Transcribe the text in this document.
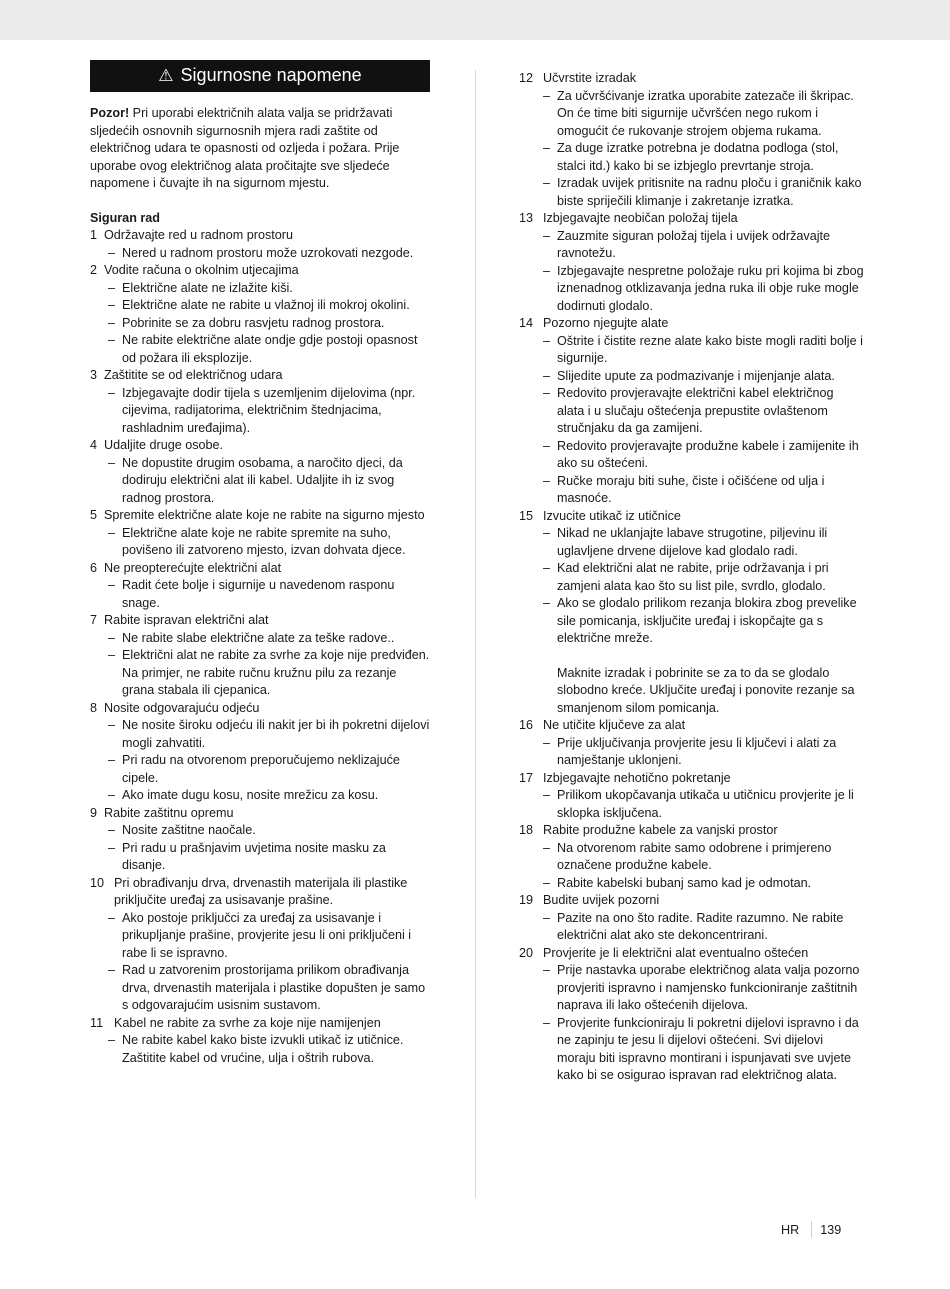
⚠ Sigurnosne napomene

Pozor! Pri uporabi električnih alata valja se pridržavati sljedećih osnovnih sigurnosnih mjera radi zaštite od električnog udara te opasnosti od ozljeda i požara. Prije uporabe ovog električnog alata pročitajte sve sljedeće napomene i čuvajte ih na sigurnom mjestu.

Siguran rad
1 Održavajte red u radnom prostoru
– Nered u radnom prostoru može uzrokovati nezgode.
2 Vodite računa o okolnim utjecajima
– Električne alate ne izlažite kiši.
– Električne alate ne rabite u vlažnoj ili mokroj okolini.
– Pobrinite se za dobru rasvjetu radnog prostora.
– Ne rabite električne alate ondje gdje postoji opasnost od požara ili eksplozije.
3 Zaštitite se od električnog udara
– Izbjegavajte dodir tijela s uzemljenim dijelovima (npr. cijevima, radijatorima, električnim štednjacima, rashladnim uređajima).
4 Udaljite druge osobe.
– Ne dopustite drugim osobama, a naročito djeci, da dodiruju električni alat ili kabel. Udaljite ih iz svog radnog prostora.
5 Spremite električne alate koje ne rabite na sigurno mjesto
– Električne alate koje ne rabite spremite na suho, povišeno ili zatvoreno mjesto, izvan dohvata djece.
6 Ne preopterećujte električni alat
– Radit ćete bolje i sigurnije u navedenom rasponu snage.
7 Rabite ispravan električni alat
– Ne rabite slabe električne alate za teške radove..
– Električni alat ne rabite za svrhe za koje nije predviđen. Na primjer, ne rabite ručnu kružnu pilu za rezanje grana stabala ili cjepanica.
8 Nosite odgovarajuću odjeću
– Ne nosite široku odjeću ili nakit jer bi ih pokretni dijelovi mogli zahvatiti.
– Pri radu na otvorenom preporučujemo neklizajuće cipele.
– Ako imate dugu kosu, nosite mrežicu za kosu.
9 Rabite zaštitnu opremu
– Nosite zaštitne naočale.
– Pri radu u prašnjavim uvjetima nosite masku za disanje.
10 Pri obrađivanju drva, drvenastih materijala ili plastike priključite uređaj za usisavanje prašine.
– Ako postoje priključci za uređaj za usisavanje i prikupljanje prašine, provjerite jesu li oni priključeni i rabe li se ispravno.
– Rad u zatvorenim prostorijama prilikom obrađivanja drva, drvenastih materijala i plastike dopušten je samo s odgovarajućim usisnim sustavom.
11 Kabel ne rabite za svrhe za koje nije namijenjen
– Ne rabite kabel kako biste izvukli utikač iz utičnice. Zaštitite kabel od vrućine, ulja i oštrih rubova.
12 Učvrstite izradak
– Za učvršćivanje izratka uporabite zatezače ili škripac. On će time biti sigurnije učvršćen nego rukom i omogućit će rukovanje strojem objema rukama.
– Za duge izratke potrebna je dodatna podloga (stol, stalci itd.) kako bi se izbjeglo prevrtanje stroja.
– Izradak uvijek pritisnite na radnu ploču i graničnik kako biste spriječili klimanje i zakretanje izratka.
13 Izbjegavajte neobičan položaj tijela
– Zauzmite siguran položaj tijela i uvijek održavajte ravnotežu.
– Izbjegavajte nespretne položaje ruku pri kojima bi zbog iznenadnog otklizavanja jedna ruka ili obje ruke mogle dodirnuti glodalo.
14 Pozorno njegujte alate
– Oštrite i čistite rezne alate kako biste mogli raditi bolje i sigurnije.
– Slijedite upute za podmazivanje i mijenjanje alata.
– Redovito provjeravajte električni kabel električnog alata i u slučaju oštećenja prepustite ovlaštenom stručnjaku da ga zamijeni.
– Redovito provjeravajte produžne kabele i zamijenite ih ako su oštećeni.
– Ručke moraju biti suhe, čiste i očišćene od ulja i masnoće.
15 Izvucite utikač iz utičnice
– Nikad ne uklanjajte labave strugotine, piljevinu ili uglavljene drvene dijelove kad glodalo radi.
– Kad električni alat ne rabite, prije održavanja i pri zamjeni alata kao što su list pile, svrdlo, glodalo.
– Ako se glodalo prilikom rezanja blokira zbog prevelike sile pomicanja, isključite uređaj i iskopčajte ga s električne mreže.
Maknite izradak i pobrinite se za to da se glodalo slobodno kreće. Uključite uređaj i ponovite rezanje sa smanjenom silom pomicanja.
16 Ne utičite ključeve za alat
– Prije uključivanja provjerite jesu li ključevi i alati za namještanje uklonjeni.
17 Izbjegavajte nehotično pokretanje
– Prilikom ukopčavanja utikača u utičnicu provjerite je li sklopka isključena.
18 Rabite produžne kabele za vanjski prostor
– Na otvorenom rabite samo odobrene i primjereno označene produžne kabele.
– Rabite kabelski bubanj samo kad je odmotan.
19 Budite uvijek pozorni
– Pazite na ono što radite. Radite razumno. Ne rabite električni alat ako ste dekoncentrirani.
20 Provjerite je li električni alat eventualno oštećen
– Prije nastavka uporabe električnog alata valja pozorno provjeriti ispravno i namjensko funkcioniranje zaštitnih naprava ili lako oštećenih dijelova.
– Provjerite funkcioniraju li pokretni dijelovi ispravno i da ne zapinju te jesu li dijelovi oštećeni. Svi dijelovi moraju biti ispravno montirani i ispunjavati sve uvjete kako bi se osigurao ispravan rad električnog alata.
HR	139
